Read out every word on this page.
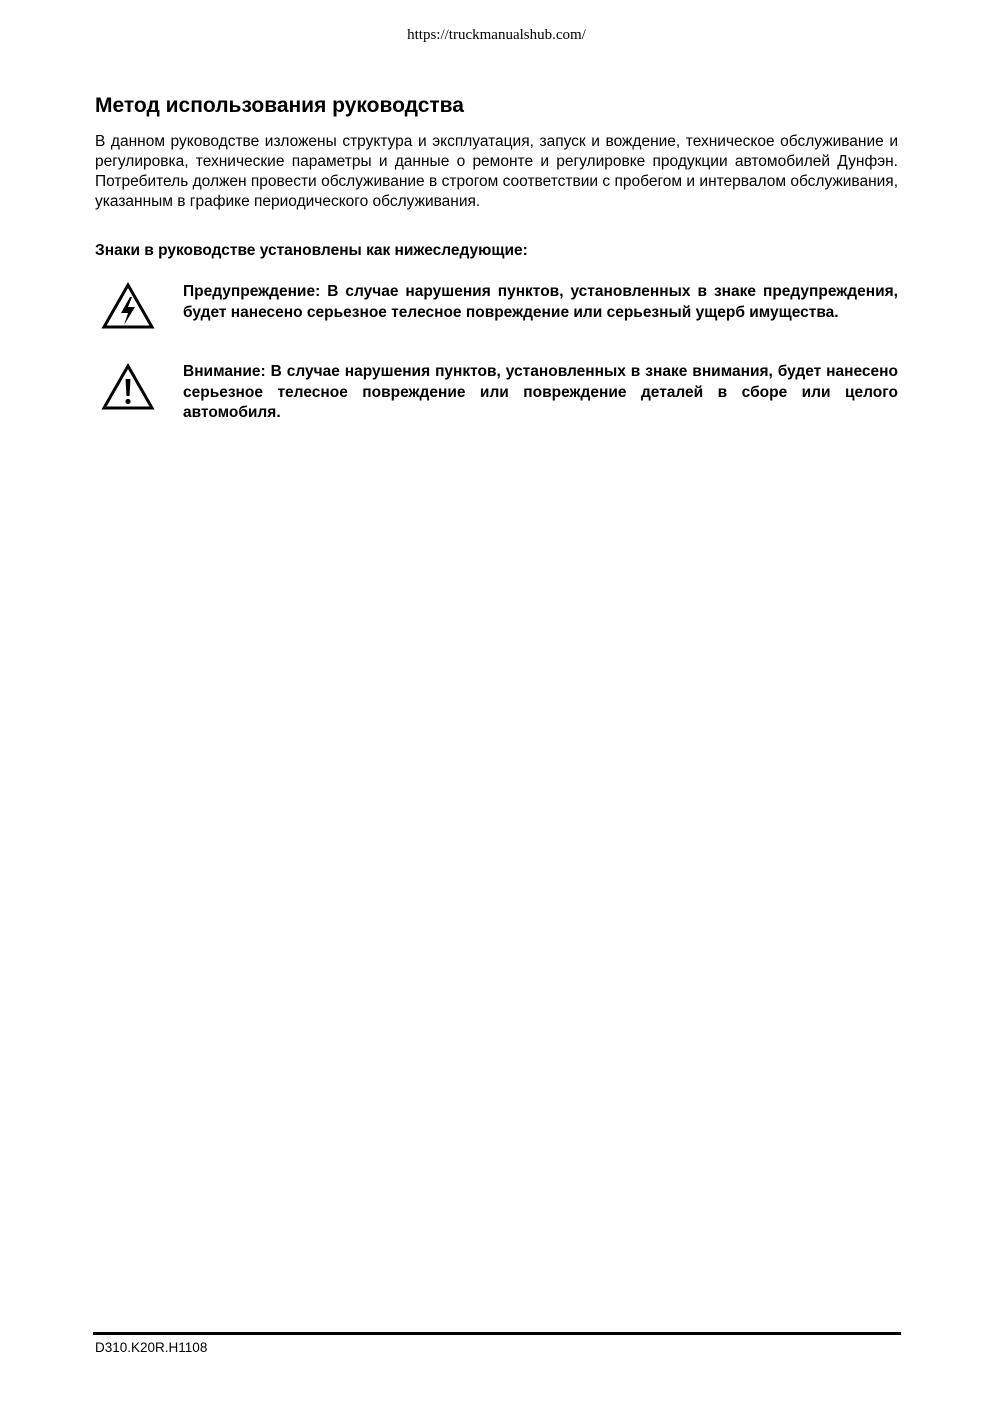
https://truckmanualshub.com/
Метод использования руководства

В данном руководстве изложены структура и эксплуатация, запуск и вождение, техническое обслуживание и регулировка, технические параметры и данные о ремонте и регулировке продукции автомобилей Дунфэн. Потребитель должен провести обслуживание в строгом соответствии с пробегом и интервалом обслуживания, указанным в графике периодического обслуживания.

Знаки в руководстве установлены как нижеследующие:

Предупреждение: В случае нарушения пунктов, установленных в знаке предупреждения, будет нанесено серьезное телесное повреждение или серьезный ущерб имущества.

Внимание: В случае нарушения пунктов, установленных в знаке внимания, будет нанесено серьезное телесное повреждение или повреждение деталей в сборе или целого автомобиля.

D310.K20R.H1108
